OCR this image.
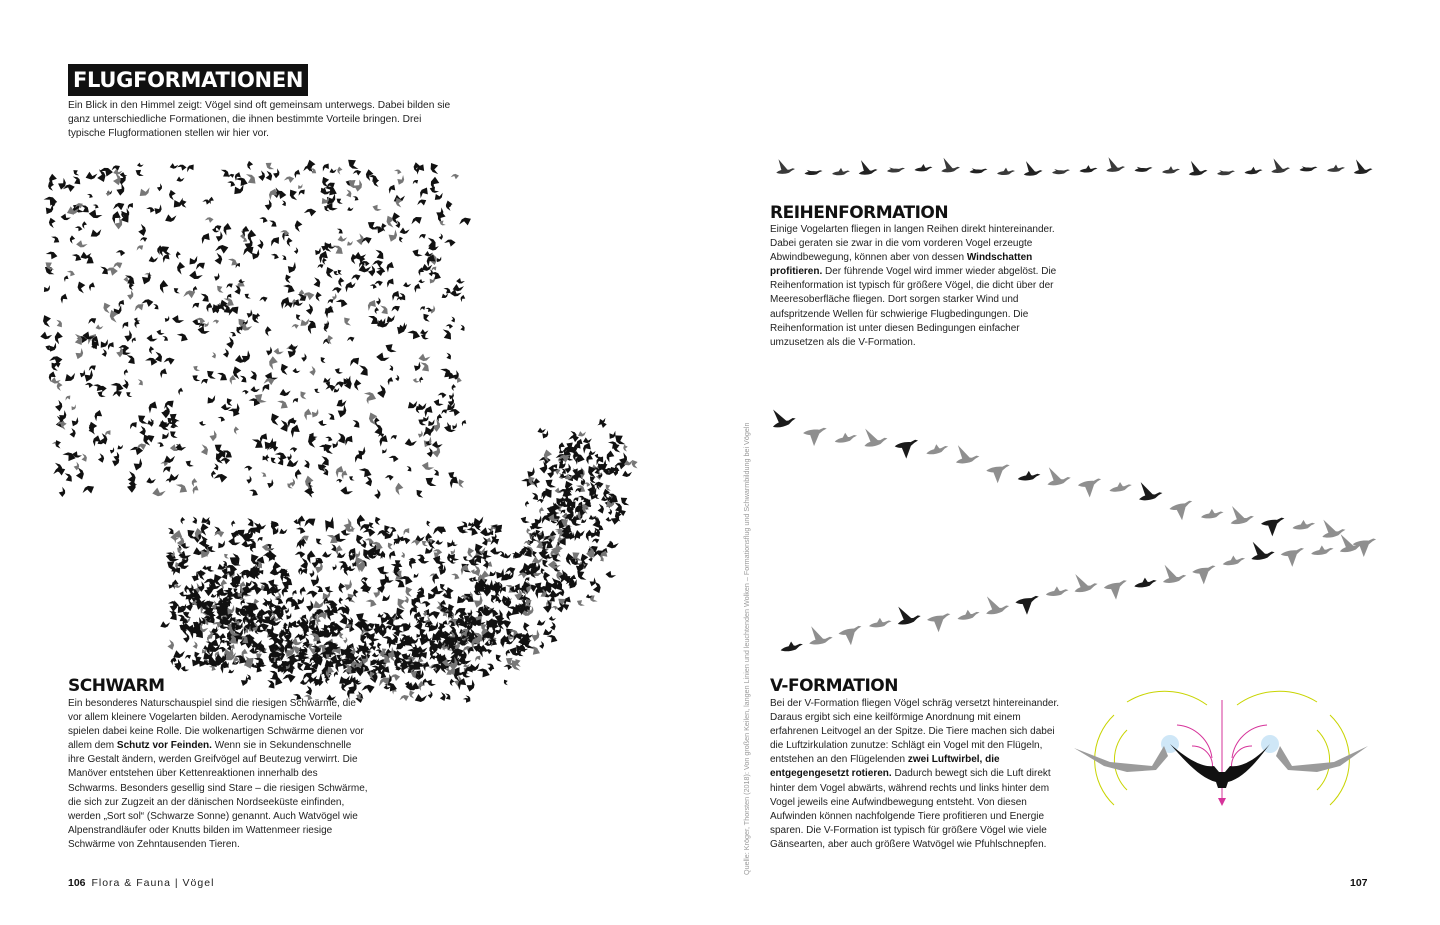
FLUGFORMATIONEN

Ein Blick in den Himmel zeigt: Vögel sind oft gemeinsam unterwegs. Dabei bilden sie ganz unterschiedliche Formationen, die ihnen bestimmte Vorteile bringen. Drei typische Flugformationen stellen wir hier vor.

SCHWARM

Ein besonderes Naturschauspiel sind die riesigen Schwärme, die vor allem kleinere Vogelarten bilden. Aerodynamische Vorteile spielen dabei keine Rolle. Die wolkenartigen Schwärme dienen vor allem dem Schutz vor Feinden. Wenn sie in Sekundenschnelle ihre Gestalt ändern, werden Greifvögel auf Beutezug verwirrt. Die Manöver entstehen über Kettenreaktionen innerhalb des Schwarms. Besonders gesellig sind Stare – die riesigen Schwärme, die sich zur Zugzeit an der dänischen Nordseeküste einfinden, werden „Sort sol“ (Schwarze Sonne) genannt. Auch Watvögel wie Alpenstrandläufer oder Knutts bilden im Wattenmeer riesige Schwärme von Zehntausenden Tieren.

REIHENFORMATION

Einige Vogelarten fliegen in langen Reihen direkt hintereinander. Dabei geraten sie zwar in die vom vorderen Vogel erzeugte Abwindbewegung, können aber von dessen Windschatten profitieren. Der führende Vogel wird immer wieder abgelöst. Die Reihenformation ist typisch für größere Vögel, die dicht über der Meeresoberfläche fliegen. Dort sorgen starker Wind und aufspritzende Wellen für schwierige Flugbedingungen. Die Reihenformation ist unter diesen Bedingungen einfacher umzusetzen als die V-Formation.

V-FORMATION

Bei der V-Formation fliegen Vögel schräg versetzt hintereinander. Daraus ergibt sich eine keilförmige Anordnung mit einem erfahrenen Leitvogel an der Spitze. Die Tiere machen sich dabei die Luftzirkulation zunutze: Schlägt ein Vogel mit den Flügeln, entstehen an den Flügelenden zwei Luftwirbel, die entgegengesetzt rotieren. Dadurch bewegt sich die Luft direkt hinter dem Vogel abwärts, während rechts und links hinter dem Vogel jeweils eine Aufwindbewegung entsteht. Von diesen Aufwinden können nachfolgende Tiere profitieren und Energie sparen. Die V-Formation ist typisch für größere Vögel wie viele Gänsearten, aber auch größere Watvögel wie Pfuhlschnepfen.

Quelle: Kröger, Thorsten (2018): Von großen Keilen, langen Linien und leuchtenden Wolken – Formationsflug und Schwarmbildung bei Vögeln
106 Flora & Fauna | Vögel	107
